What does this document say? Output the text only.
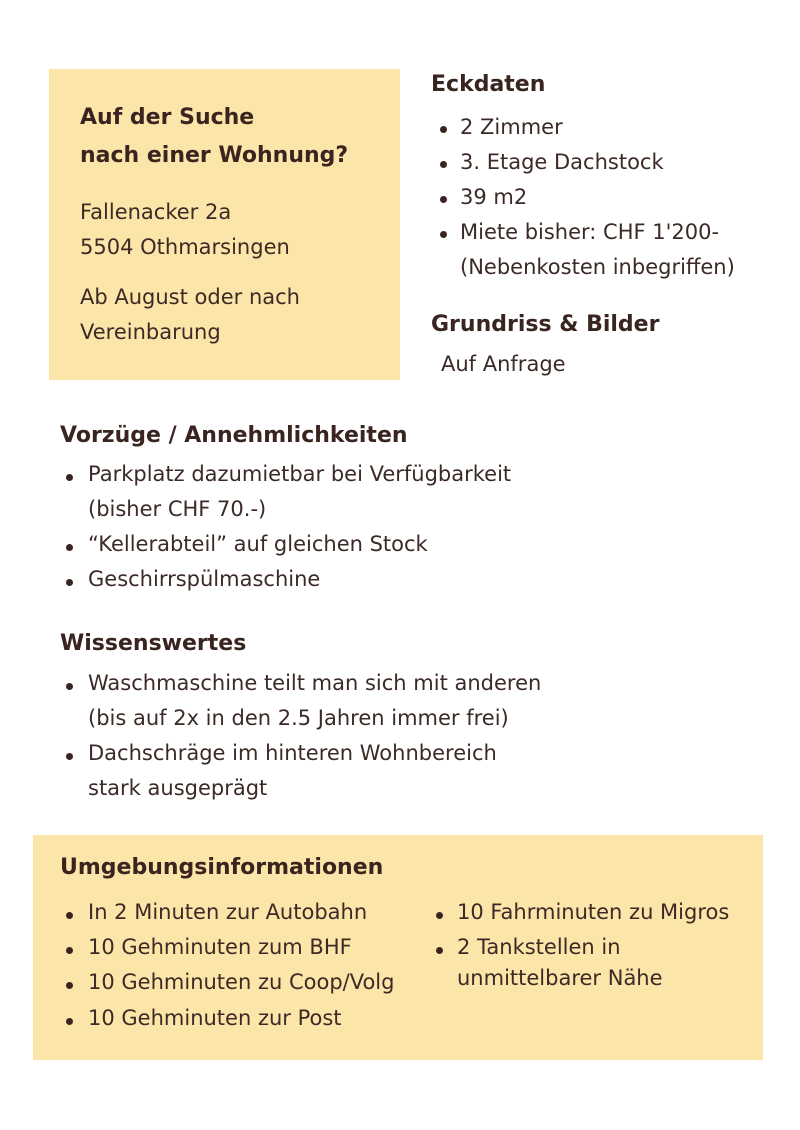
Auf der Suche
nach einer Wohnung?
Fallenacker 2a
5504 Othmarsingen
Ab August oder nach
Vereinbarung
Eckdaten
2 Zimmer
3. Etage Dachstock
39 m2
Miete bisher: CHF 1'200-
(Nebenkosten inbegriffen)
Grundriss & Bilder
Auf Anfrage
Vorzüge / Annehmlichkeiten
Parkplatz dazumietbar bei Verfügbarkeit
(bisher CHF 70.-)
“Kellerabteil” auf gleichen Stock
Geschirrspülmaschine
Wissenswertes
Waschmaschine teilt man sich mit anderen
(bis auf 2x in den 2.5 Jahren immer frei)
Dachschräge im hinteren Wohnbereich
stark ausgeprägt
Umgebungsinformationen
In 2 Minuten zur Autobahn
10 Gehminuten zum BHF
10 Gehminuten zu Coop/Volg
10 Gehminuten zur Post
10 Fahrminuten zu Migros
2 Tankstellen in
unmittelbarer Nähe
